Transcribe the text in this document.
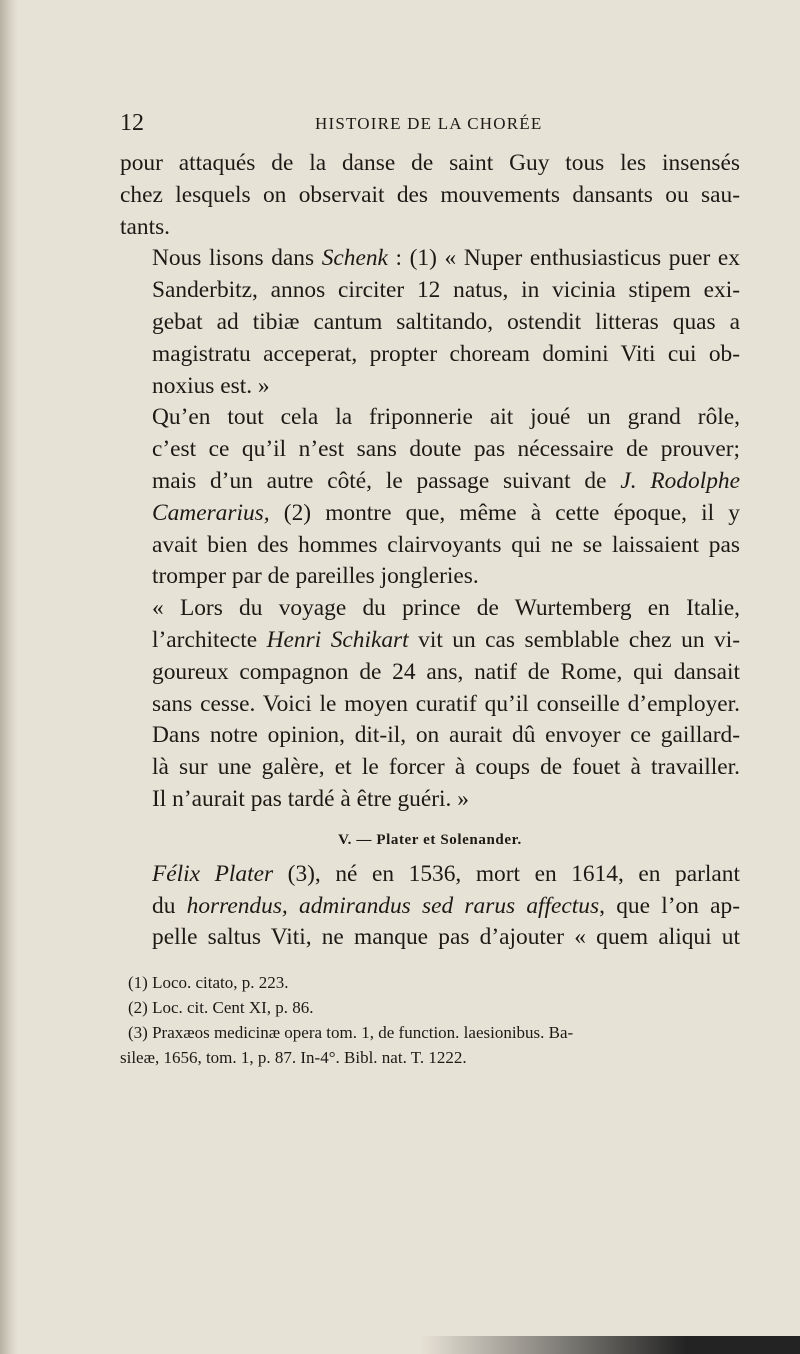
12	HISTOIRE DE LA CHORÉE

pour attaqués de la danse de saint Guy tous les insensés
chez lesquels on observait des mouvements dansants ou sau-
tants.

Nous lisons dans Schenk : (1) « Nuper enthusiasticus puer ex
Sanderbitz, annos circiter 12 natus, in vicinia stipem exi-
gebat ad tibiæ cantum saltitando, ostendit litteras quas a
magistratu acceperat, propter choream domini Viti cui ob-
noxius est. »

Qu’en tout cela la friponnerie ait joué un grand rôle,
c’est ce qu’il n’est sans doute pas nécessaire de prouver;
mais d’un autre côté, le passage suivant de J. Rodolphe
Camerarius, (2) montre que, même à cette époque, il y
avait bien des hommes clairvoyants qui ne se laissaient pas
tromper par de pareilles jongleries.

« Lors du voyage du prince de Wurtemberg en Italie,
l’architecte Henri Schikart vit un cas semblable chez un vi-
goureux compagnon de 24 ans, natif de Rome, qui dansait
sans cesse. Voici le moyen curatif qu’il conseille d’employer.
Dans notre opinion, dit-il, on aurait dû envoyer ce gaillard-
là sur une galère, et le forcer à coups de fouet à travailler.
Il n’aurait pas tardé à être guéri. »

V. — Plater et Solenander.

Félix Plater (3), né en 1536, mort en 1614, en parlant
du horrendus, admirandus sed rarus affectus, que l’on ap-
pelle saltus Viti, ne manque pas d’ajouter « quem aliqui ut

(1) Loco. citato, p. 223.
(2) Loc. cit. Cent XI, p. 86.
(3) Praxæos medicinæ opera tom. 1, de function. laesionibus. Ba-
sileæ, 1656, tom. 1, p. 87. In-4°. Bibl. nat. T. 1222.
